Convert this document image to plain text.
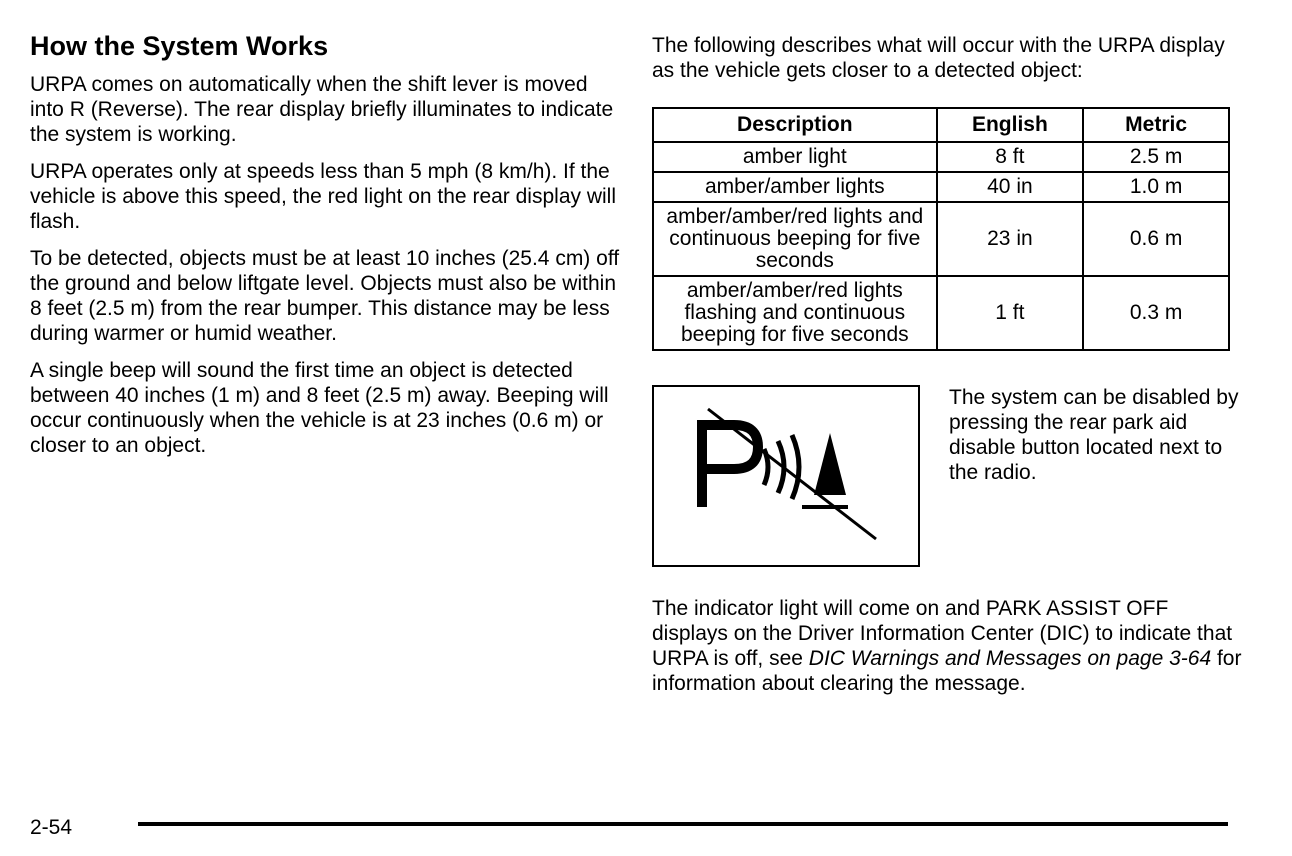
How the System Works

URPA comes on automatically when the shift lever is moved into R (Reverse). The rear display briefly illuminates to indicate the system is working.

URPA operates only at speeds less than 5 mph (8 km/h). If the vehicle is above this speed, the red light on the rear display will flash.

To be detected, objects must be at least 10 inches (25.4 cm) off the ground and below liftgate level. Objects must also be within 8 feet (2.5 m) from the rear bumper. This distance may be less during warmer or humid weather.

A single beep will sound the first time an object is detected between 40 inches (1 m) and 8 feet (2.5 m) away. Beeping will occur continuously when the vehicle is at 23 inches (0.6 m) or closer to an object.

The following describes what will occur with the URPA display as the vehicle gets closer to a detected object:

Description	English	Metric
amber light	8 ft	2.5 m
amber/amber lights	40 in	1.0 m
amber/amber/red lights and continuous beeping for five seconds	23 in	0.6 m
amber/amber/red lights flashing and continuous beeping for five seconds	1 ft	0.3 m

The system can be disabled by pressing the rear park aid disable button located next to the radio.

The indicator light will come on and PARK ASSIST OFF displays on the Driver Information Center (DIC) to indicate that URPA is off, see DIC Warnings and Messages on page 3-64 for information about clearing the message.

2-54
